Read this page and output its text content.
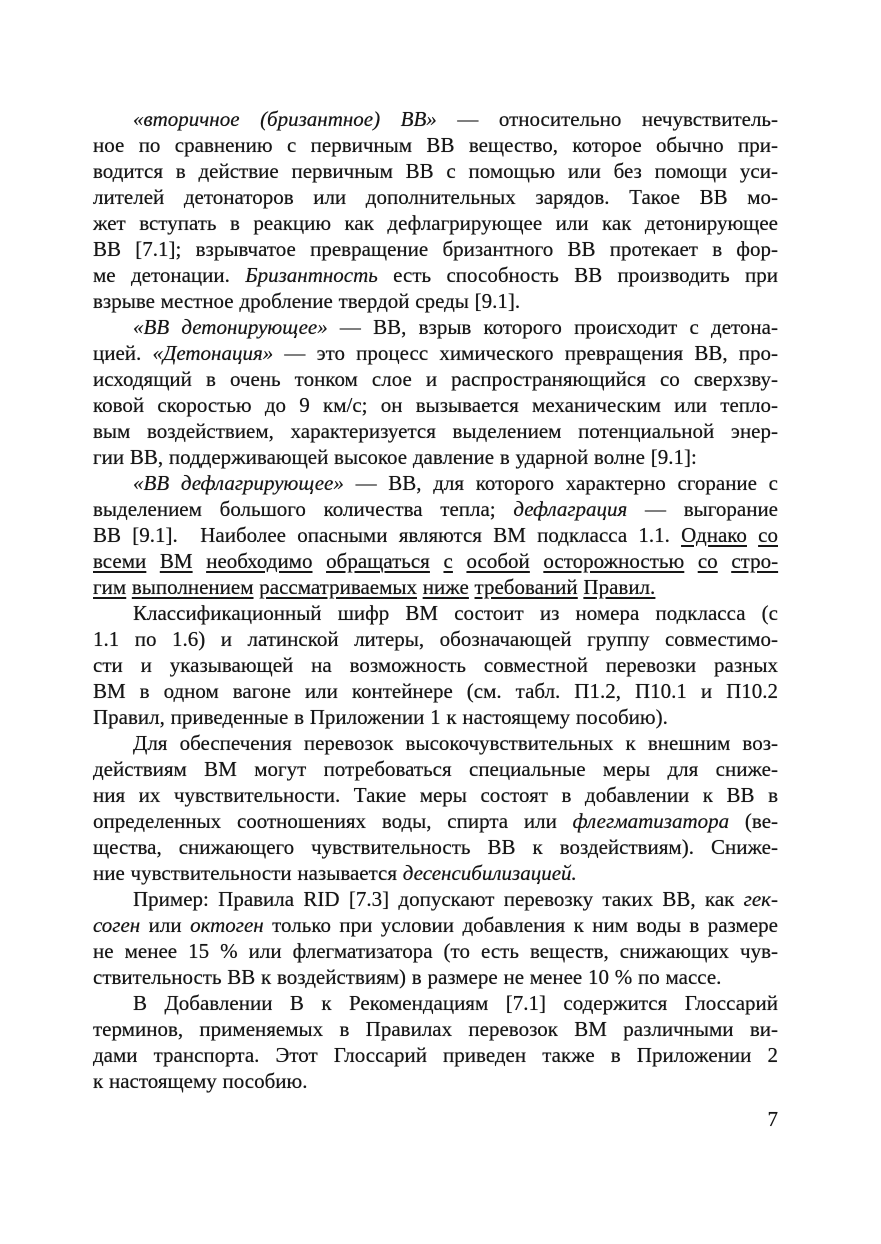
«вторичное (бризантное) ВВ» — относительно нечувствитель-
ное по сравнению с первичным ВВ вещество, которое обычно при-
водится в действие первичным ВВ с помощью или без помощи уси-
лителей детонаторов или дополнительных зарядов. Такое ВВ мо-
жет вступать в реакцию как дефлагрирующее или как детонирующее
ВВ [7.1]; взрывчатое превращение бризантного ВВ протекает в фор-
ме детонации. Бризантность есть способность ВВ производить при
взрыве местное дробление твердой среды [9.1].
«ВВ детонирующее» — ВВ, взрыв которого происходит с детона-
цией. «Детонация» — это процесс химического превращения ВВ, про-
исходящий в очень тонком слое и распространяющийся со сверхзву-
ковой скоростью до 9 км/с; он вызывается механическим или тепло-
вым воздействием, характеризуется выделением потенциальной энер-
гии ВВ, поддерживающей высокое давление в ударной волне [9.1]:
«ВВ дефлагрирующее» — ВВ, для которого характерно сгорание с
выделением большого количества тепла; дефлаграция — выгорание
ВВ [9.1].  Наиболее опасными являются ВМ подкласса 1.1. Однако со
всеми ВМ необходимо обращаться с особой осторожностью со стро-
гим выполнением рассматриваемых ниже требований Правил.
Классификационный шифр ВМ состоит из номера подкласса (с
1.1 по 1.6) и латинской литеры, обозначающей группу совместимо-
сти и указывающей на возможность совместной перевозки разных
ВМ в одном вагоне или контейнере (см. табл. П1.2, П10.1 и П10.2
Правил, приведенные в Приложении 1 к настоящему пособию).
Для обеспечения перевозок высокочувствительных к внешним воз-
действиям ВМ могут потребоваться специальные меры для сниже-
ния их чувствительности. Такие меры состоят в добавлении к ВВ в
определенных соотношениях воды, спирта или флегматизатора (ве-
щества, снижающего чувствительность ВВ к воздействиям). Сниже-
ние чувствительности называется десенсибилизацией.
Пример: Правила RID [7.3] допускают перевозку таких ВВ, как гек-
соген или октоген только при условии добавления к ним воды в размере
не менее 15 % или флегматизатора (то есть веществ, снижающих чув-
ствительность ВВ к воздействиям) в размере не менее 10 % по массе.
В Добавлении В к Рекомендациям [7.1] содержится Глоссарий
терминов, применяемых в Правилах перевозок ВМ различными ви-
дами транспорта. Этот Глоссарий приведен также в Приложении 2
к настоящему пособию.
7
